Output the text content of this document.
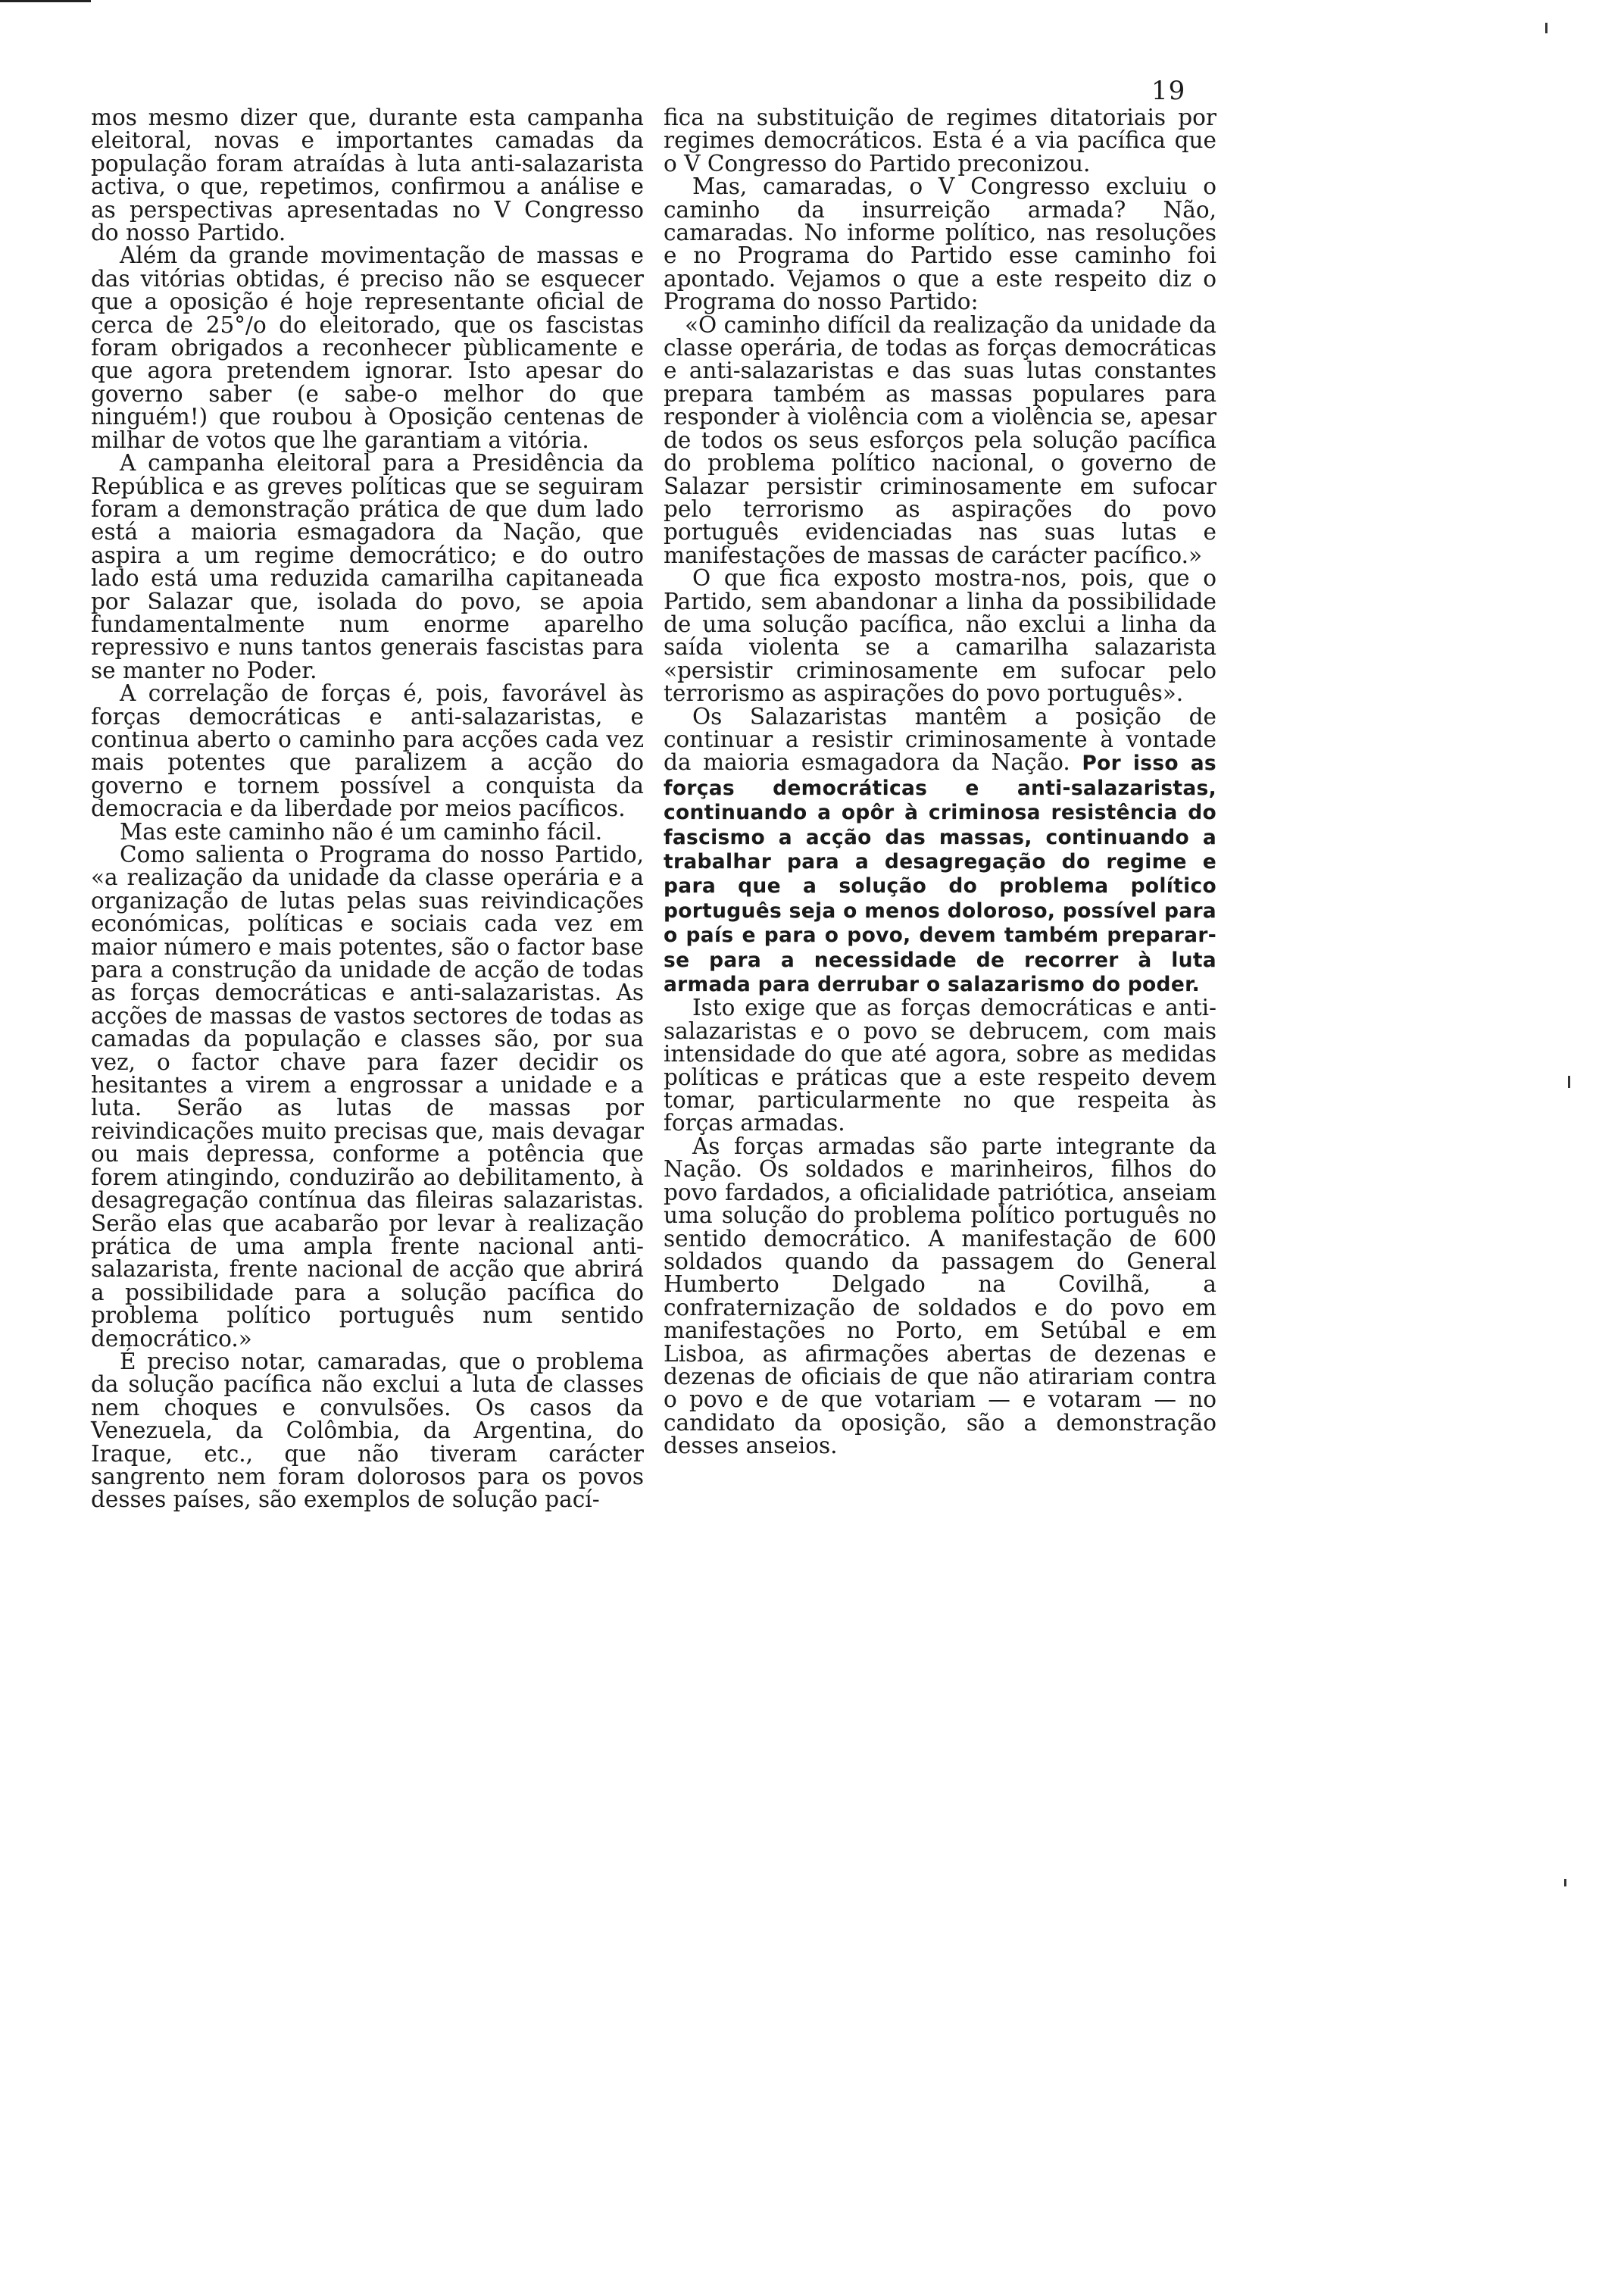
19

mos mesmo dizer que, durante esta campanha eleitoral, novas e importantes camadas da população foram atraídas à luta anti-salazarista activa, o que, repetimos, confirmou a análise e as perspectivas apresentadas no V Congresso do nosso Partido.

Além da grande movimentação de massas e das vitórias obtidas, é preciso não se esquecer que a oposição é hoje representante oficial de cerca de 25°/o do eleitorado, que os fascistas foram obrigados a reconhecer pùblicamente e que agora pretendem ignorar. Isto apesar do governo saber (e sabe-o melhor do que ninguém!) que roubou à Oposição centenas de milhar de votos que lhe garantiam a vitória.

A campanha eleitoral para a Presidência da República e as greves políticas que se seguiram foram a demonstração prática de que dum lado está a maioria esmagadora da Nação, que aspira a um regime democrático; e do outro lado está uma reduzida camarilha capitaneada por Salazar que, isolada do povo, se apoia fundamentalmente num enorme aparelho repressivo e nuns tantos generais fascistas para se manter no Poder.

A correlação de forças é, pois, favorável às forças democráticas e anti-salazaristas, e continua aberto o caminho para acções cada vez mais potentes que paralizem a acção do governo e tornem possível a conquista da democracia e da liberdade por meios pacíficos.

Mas este caminho não é um caminho fácil.

Como salienta o Programa do nosso Partido, «a realização da unidade da classe operária e a organização de lutas pelas suas reivindicações económicas, políticas e sociais cada vez em maior número e mais potentes, são o factor base para a construção da unidade de acção de todas as forças democráticas e anti-salazaristas. As acções de massas de vastos sectores de todas as camadas da população e classes são, por sua vez, o factor chave para fazer decidir os hesitantes a virem a engrossar a unidade e a luta. Serão as lutas de massas por reivindicações muito precisas que, mais devagar ou mais depressa, conforme a potência que forem atingindo, conduzirão ao debilitamento, à desagregação contínua das fileiras salazaristas. Serão elas que acabarão por levar à realização prática de uma ampla frente nacional anti-salazarista, frente nacional de acção que abrirá a possibilidade para a solução pacífica do problema político português num sentido democrático.»

É preciso notar, camaradas, que o problema da solução pacífica não exclui a luta de classes nem choques e convulsões. Os casos da Venezuela, da Colômbia, da Argentina, do Iraque, etc., que não tiveram carácter sangrento nem foram dolorosos para os povos desses países, são exemplos de solução pací-

fica na substituição de regimes ditatoriais por regimes democráticos. Esta é a via pacífica que o V Congresso do Partido preconizou.

Mas, camaradas, o V Congresso excluiu o caminho da insurreição armada? Não, camaradas. No informe político, nas resoluções e no Programa do Partido esse caminho foi apontado. Vejamos o que a este respeito diz o Programa do nosso Partido:

«O caminho difícil da realização da unidade da classe operária, de todas as forças democráticas e anti-salazaristas e das suas lutas constantes prepara também as massas populares para responder à violência com a violência se, apesar de todos os seus esforços pela solução pacífica do problema político nacional, o governo de Salazar persistir criminosamente em sufocar pelo terrorismo as aspirações do povo português evidenciadas nas suas lutas e manifestações de massas de carácter pacífico.»

O que fica exposto mostra-nos, pois, que o Partido, sem abandonar a linha da possibilidade de uma solução pacífica, não exclui a linha da saída violenta se a camarilha salazarista «persistir criminosamente em sufocar pelo terrorismo as aspirações do povo português».

Os Salazaristas mantêm a posição de continuar a resistir criminosamente à vontade da maioria esmagadora da Nação. Por isso as forças democráticas e anti-salazaristas, continuando a opôr à criminosa resistência do fascismo a acção das massas, continuando a trabalhar para a desagregação do regime e para que a solução do problema político português seja o menos doloroso, possível para o país e para o povo, devem também preparar-se para a necessidade de recorrer à luta armada para derrubar o salazarismo do poder.

Isto exige que as forças democráticas e anti-salazaristas e o povo se debrucem, com mais intensidade do que até agora, sobre as medidas políticas e práticas que a este respeito devem tomar, particularmente no que respeita às forças armadas.

As forças armadas são parte integrante da Nação. Os soldados e marinheiros, filhos do povo fardados, a oficialidade patriótica, anseiam uma solução do problema político português no sentido democrático. A manifestação de 600 soldados quando da passagem do General Humberto Delgado na Covilhã, a confraternização de soldados e do povo em manifestações no Porto, em Setúbal e em Lisboa, as afirmações abertas de dezenas e dezenas de oficiais de que não atirariam contra o povo e de que votariam — e votaram — no candidato da oposição, são a demonstração desses anseios.
